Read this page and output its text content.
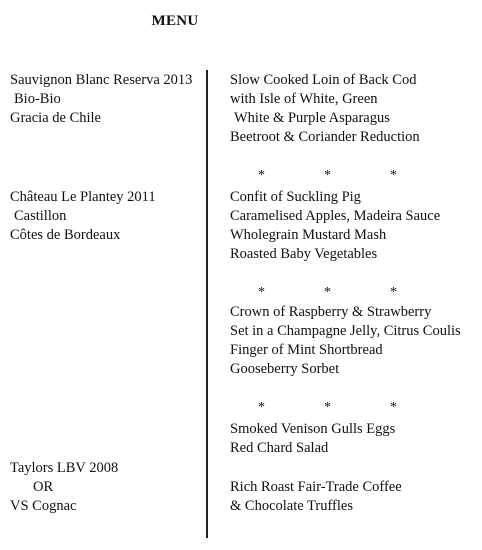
MENU
Sauvignon Blanc Reserva 2013
Bio-Bio
Gracia de Chile
Château Le Plantey 2011
Castillon
Côtes de Bordeaux
Taylors LBV 2008
OR
VS Cognac
Slow Cooked Loin of Back Cod
with Isle of White, Green
White & Purple Asparagus
Beetroot & Coriander Reduction
*	*	*
Confit of Suckling Pig
Caramelised Apples, Madeira Sauce
Wholegrain Mustard Mash
Roasted Baby Vegetables
*	*	*
Crown of Raspberry & Strawberry
Set in a Champagne Jelly, Citrus Coulis
Finger of Mint Shortbread
Gooseberry Sorbet
*	*	*
Smoked Venison Gulls Eggs
Red Chard Salad
Rich Roast Fair-Trade Coffee
& Chocolate Truffles
